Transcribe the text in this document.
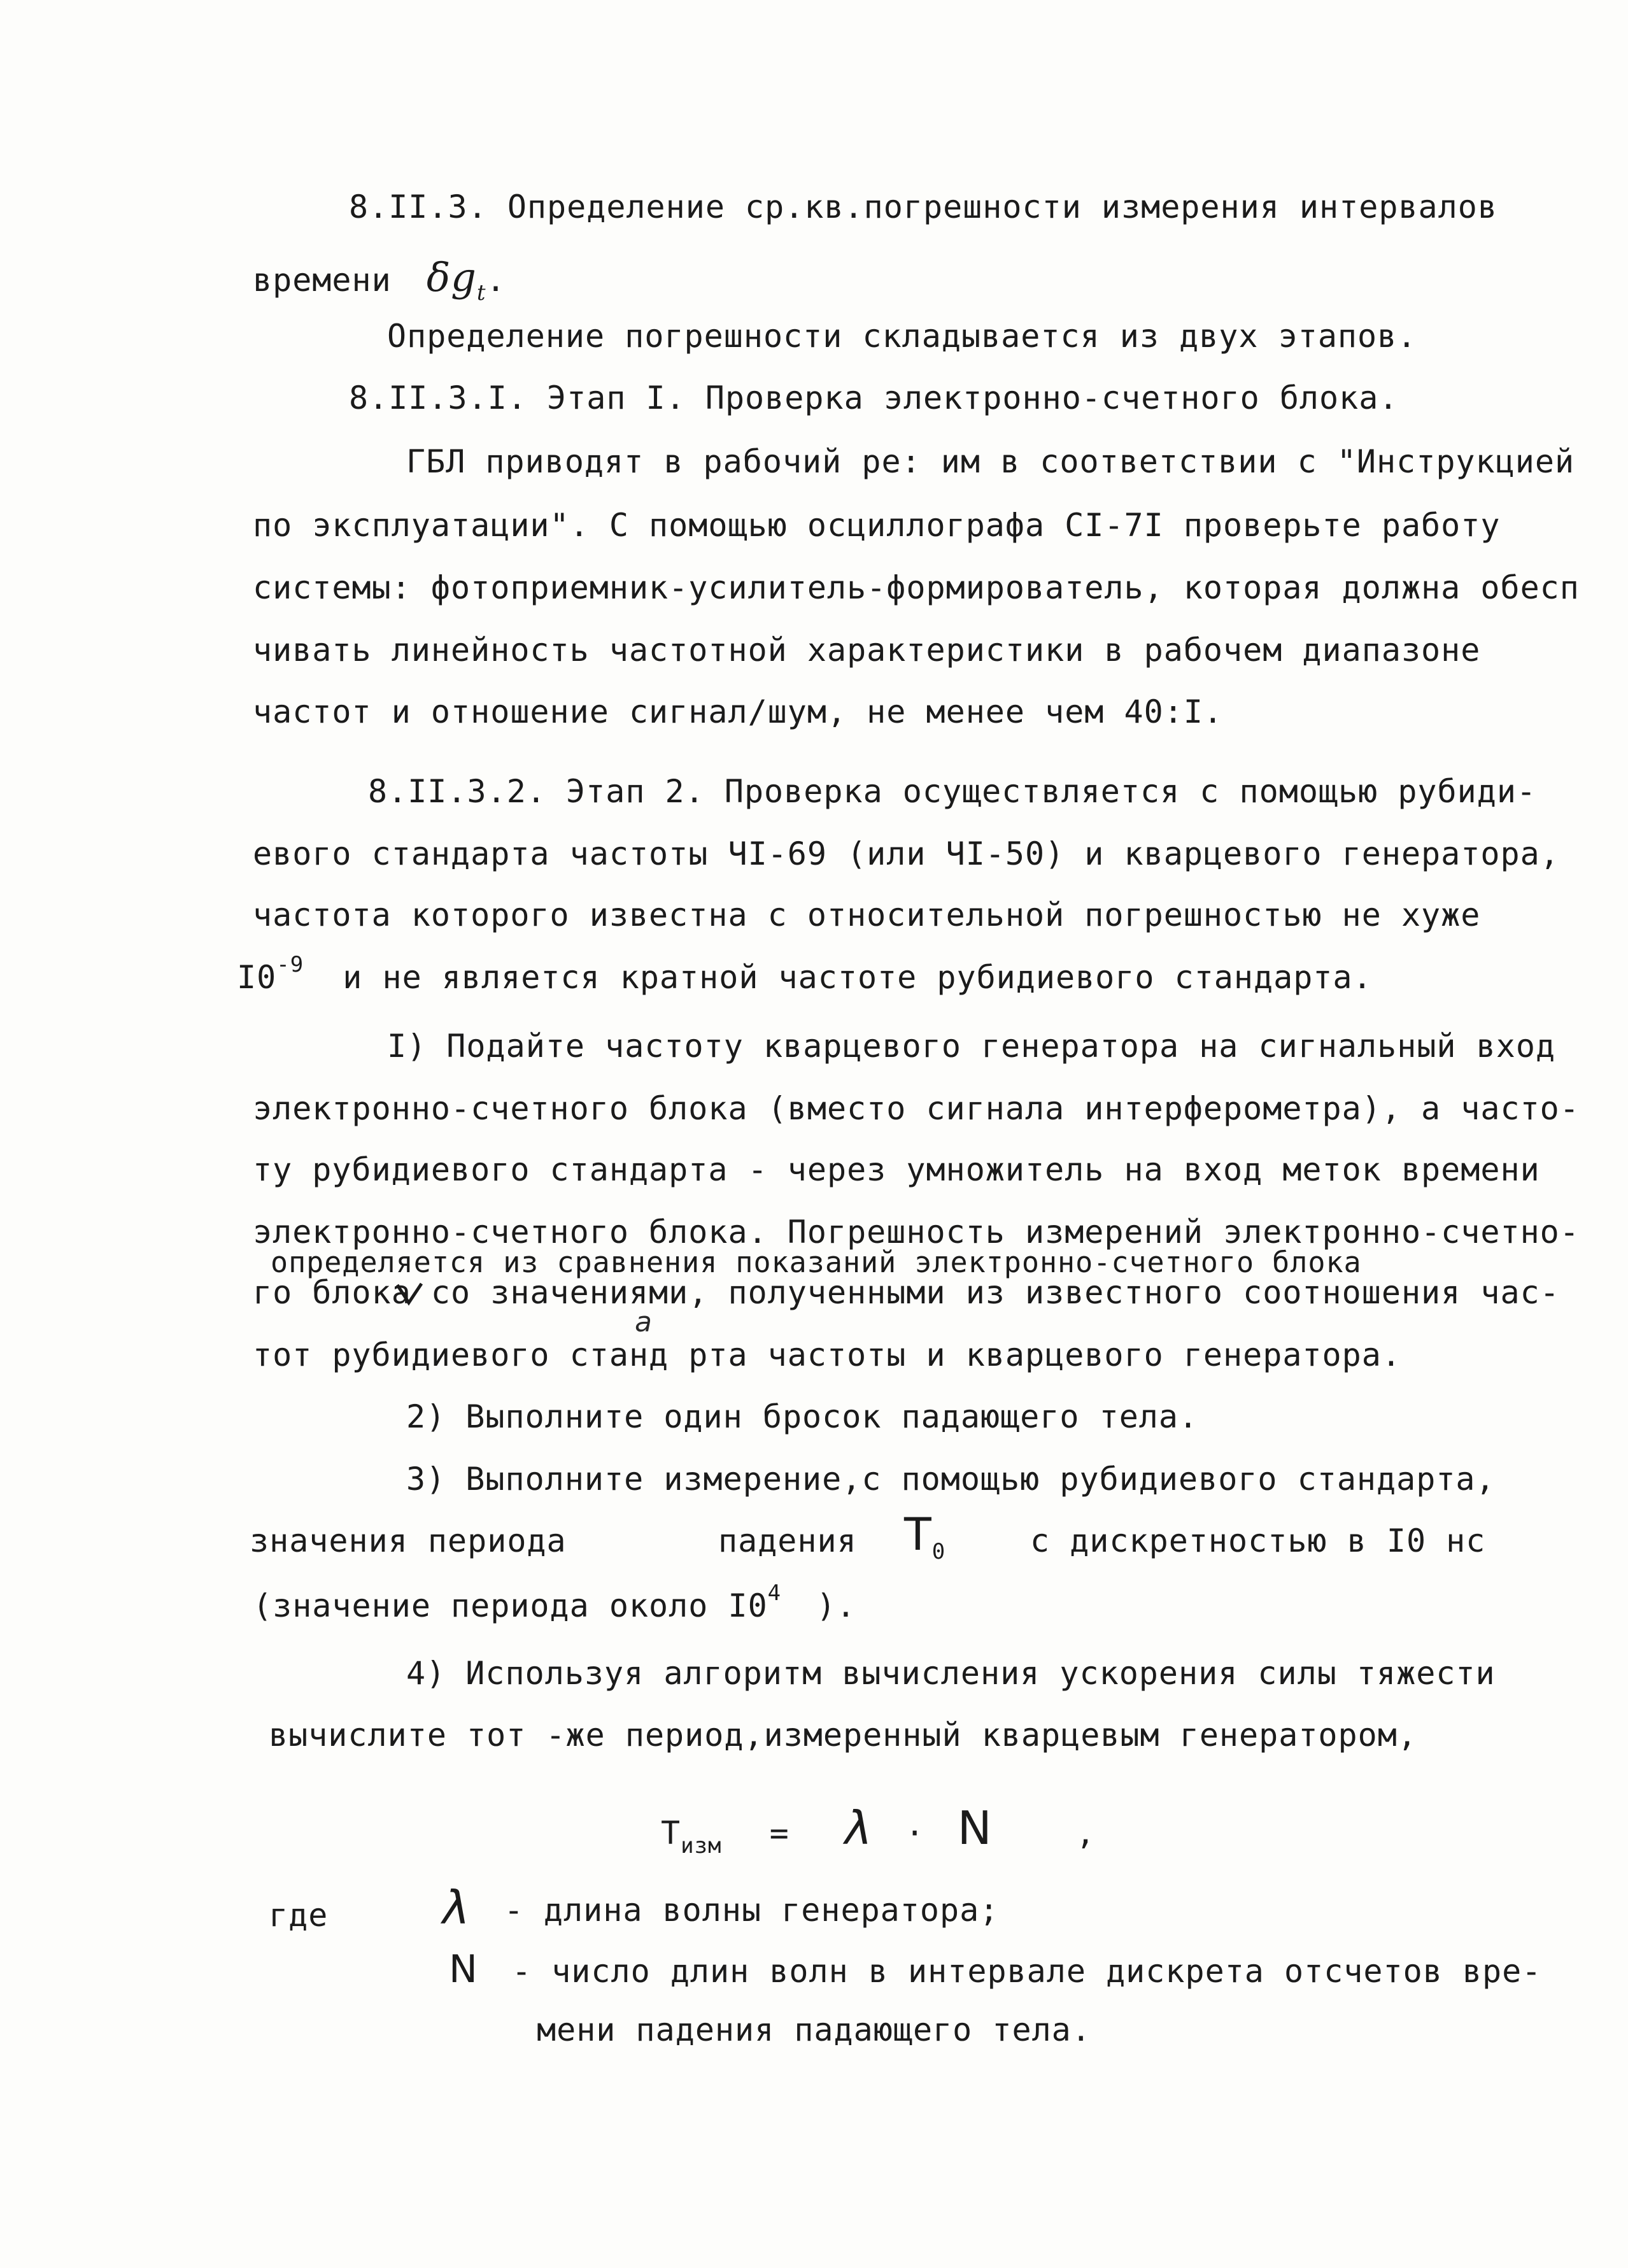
8.II.3. Определение ср.кв.погрешности измерения интервалов
времени $\delta g_t$.
Определение погрешности складывается из двух этапов.
8.II.3.I. Этап I. Проверка электронно-счетного блока.
ГБЛ приводят в рабочий ре: им в соответствии с "Инструкцией
по эксплуатации". С помощью осциллографа CI-7I проверьте работу
системы: фотоприемник-усилитель-формирователь, которая должна обесп
чивать линейность частотной характеристики в рабочем диапазоне
частот и отношение сигнал/шум, не менее чем 40:I.
8.II.3.2. Этап 2. Проверка осуществляется с помощью рубиди-
евого стандарта частоты ЧI-69 (или ЧI-50) и кварцевого генератора,
частота которого известна с относительной погрешностью не хуже
$I0^{-9}$ и не является кратной частоте рубидиевого стандарта.
I) Подайте частоту кварцевого генератора на сигнальный вход
электронно-счетного блока (вместо сигнала интерферометра), а часто-
ту рубидиевого стандарта - через умножитель на вход меток времени
электронно-счетного блока. Погрешность измерений электронно-счетно-
определяется из сравнения показаний электронно-счетного блока
го блока со значениями, полученными из известного соотношения час-
а
тот рубидиевого станд рта частоты и кварцевого генератора.
2) Выполните один бросок падающего тела.
3) Выполните измерение,с помощью рубидиевого стандарта,
значения периода	падения $T_0$	с дискретностью в I0 нс
(значение периода около $I0^4$ ).
4) Используя алгоритм вычисления ускорения силы тяжести
вычислите тот -же период,измеренный кварцевым генератором,
$T_{изм} = \lambda \cdot N$	,
где λ - длина волны генератора;
N - число длин волн в интервале дискрета отсчетов вре-
мени падения падающего тела.
